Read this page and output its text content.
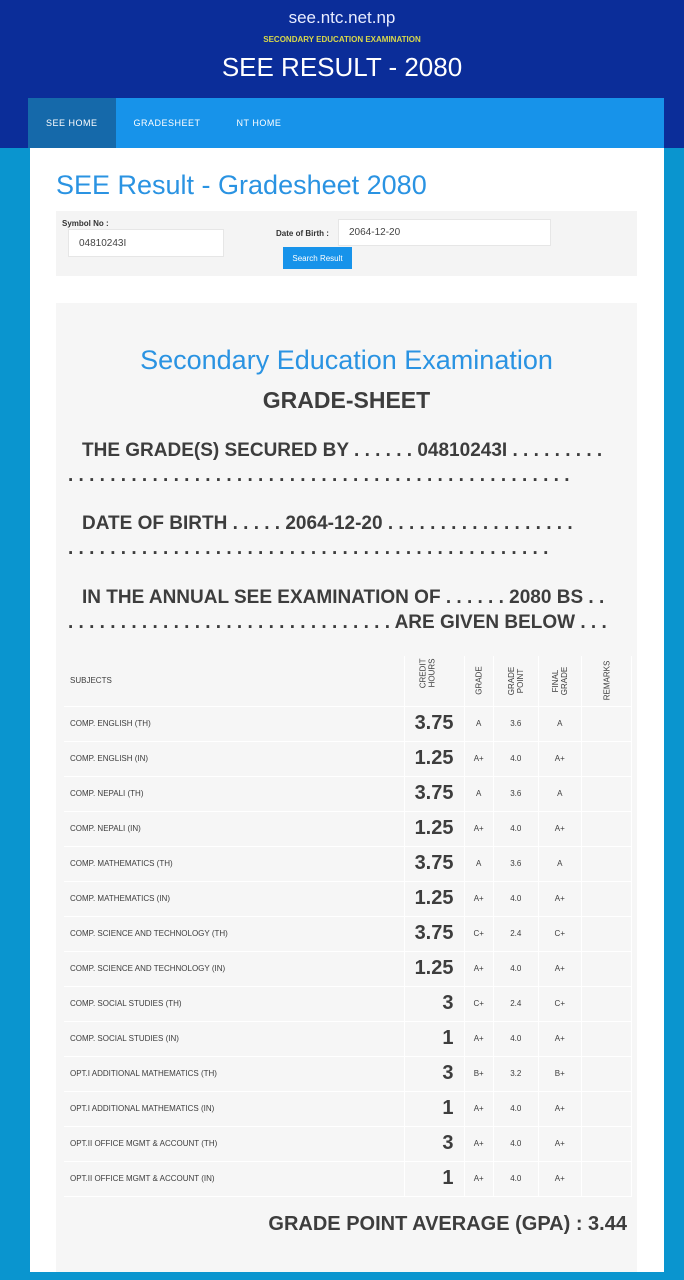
see.ntc.net.np
SECONDARY EDUCATION EXAMINATION
SEE RESULT - 2080
SEE HOME	GRADESHEET	NT HOME
SEE Result - Gradesheet 2080
Symbol No :
04810243I
Date of Birth :	2064-12-20
Search Result
Secondary Education Examination
GRADE-SHEET
THE GRADE(S) SECURED BY . . . . . . 04810243I . . . . . . . . .
. . . . . . . . . . . . . . . . . . . . . . . . . . . . . . . . . . . . . . . . . . . . . . . .
DATE OF BIRTH . . . . . 2064-12-20 . . . . . . . . . . . . . . . . . .
. . . . . . . . . . . . . . . . . . . . . . . . . . . . . . . . . . . . . . . . . . . . . .
IN THE ANNUAL SEE EXAMINATION OF . . . . . . 2080 BS . .
. . . . . . . . . . . . . . . . . . . . . . . . . . . . . . . ARE GIVEN BELOW . . .
SUBJECTS	CREDIT HOURS	GRADE	GRADE POINT	FINAL GRADE	REMARKS
COMP. ENGLISH (TH)	3.75	A	3.6	A	
COMP. ENGLISH (IN)	1.25	A+	4.0	A+	
COMP. NEPALI (TH)	3.75	A	3.6	A	
COMP. NEPALI (IN)	1.25	A+	4.0	A+	
COMP. MATHEMATICS (TH)	3.75	A	3.6	A	
COMP. MATHEMATICS (IN)	1.25	A+	4.0	A+	
COMP. SCIENCE AND TECHNOLOGY (TH)	3.75	C+	2.4	C+	
COMP. SCIENCE AND TECHNOLOGY (IN)	1.25	A+	4.0	A+	
COMP. SOCIAL STUDIES (TH)	3	C+	2.4	C+	
COMP. SOCIAL STUDIES (IN)	1	A+	4.0	A+	
OPT.I ADDITIONAL MATHEMATICS (TH)	3	B+	3.2	B+	
OPT.I ADDITIONAL MATHEMATICS (IN)	1	A+	4.0	A+	
OPT.II OFFICE MGMT & ACCOUNT (TH)	3	A+	4.0	A+	
OPT.II OFFICE MGMT & ACCOUNT (IN)	1	A+	4.0	A+	
GRADE POINT AVERAGE (GPA) : 3.44
